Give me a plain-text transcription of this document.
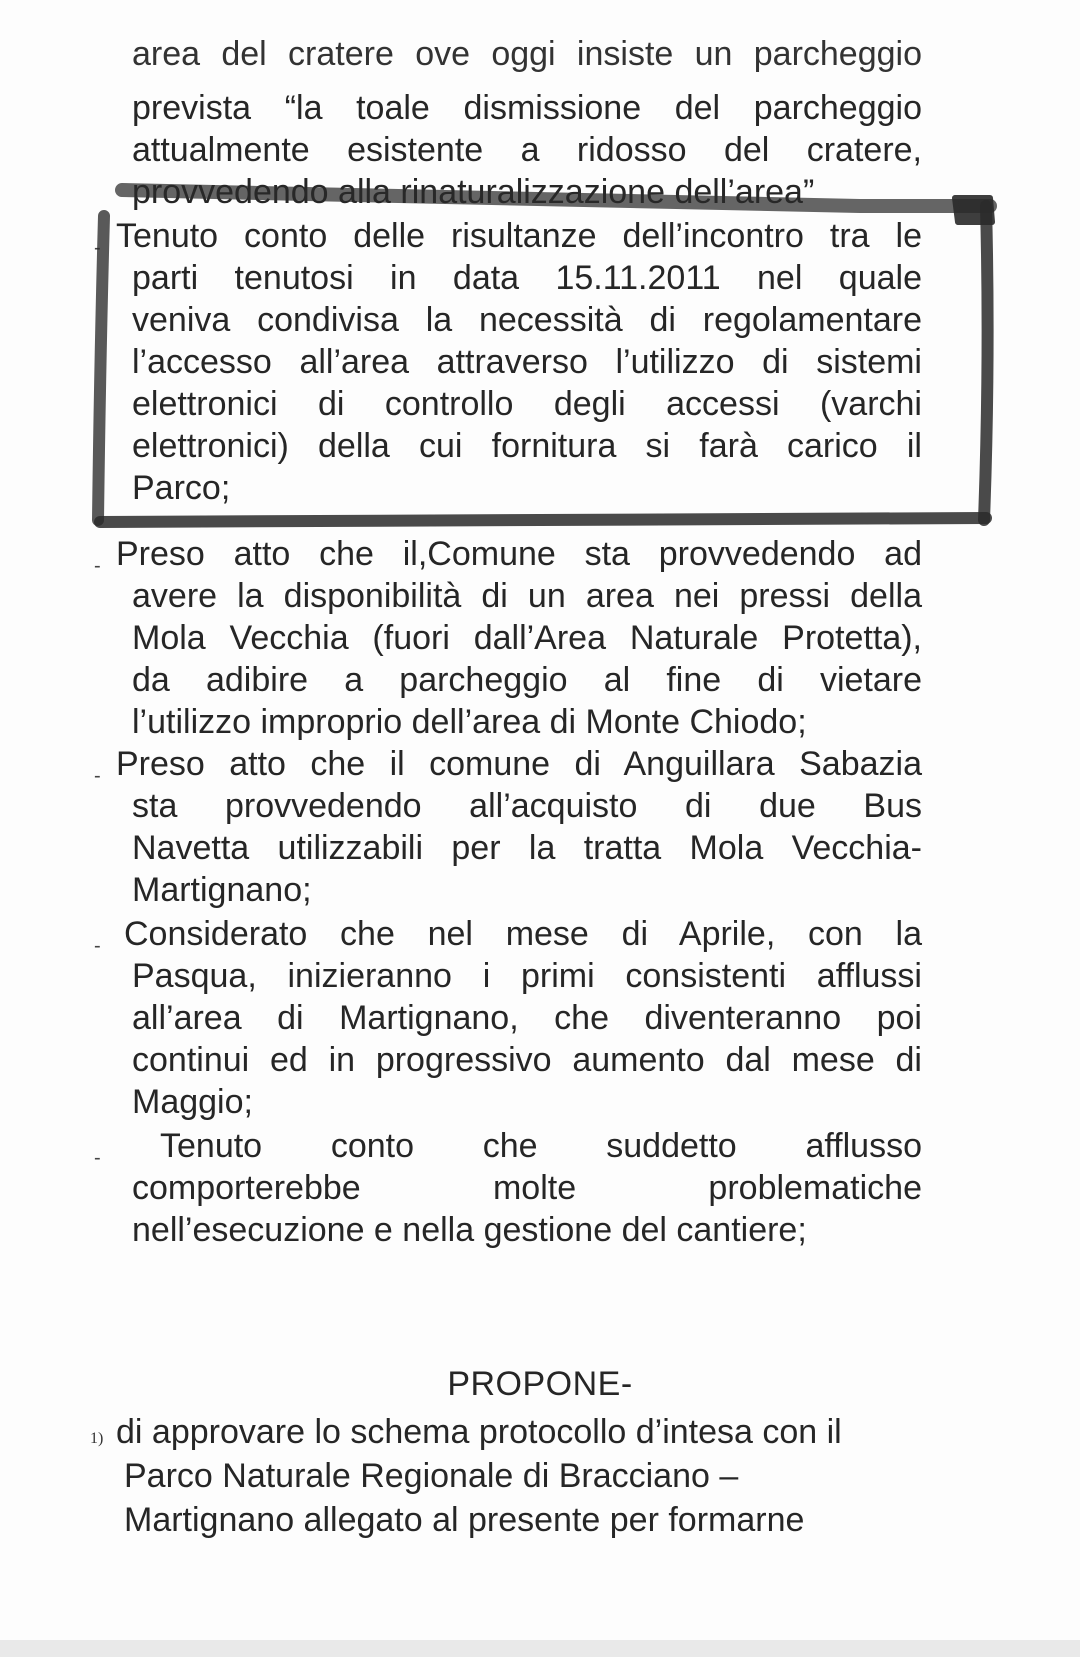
area del cratere ove oggi insiste un parcheggio
prevista “la toale dismissione del parcheggio
attualmente esistente a ridosso del cratere,
provvedendo alla rinaturalizzazione dell’area”
- Tenuto conto delle risultanze dell’incontro tra le
parti tenutosi in data 15.11.2011 nel quale
veniva condivisa la necessità di regolamentare
l’accesso all’area attraverso l’utilizzo di sistemi
elettronici di controllo degli accessi (varchi
elettronici) della cui fornitura si farà carico il
Parco;
- Preso atto che il,Comune sta provvedendo ad
avere la disponibilità di un area nei pressi della
Mola Vecchia (fuori dall’Area Naturale Protetta),
da adibire a parcheggio al fine di vietare
l’utilizzo improprio dell’area di Monte Chiodo;
- Preso atto che il comune di Anguillara Sabazia
sta provvedendo all’acquisto di due Bus
Navetta utilizzabili per la tratta Mola Vecchia-
Martignano;
- Considerato che nel mese di Aprile, con la
Pasqua, inizieranno i primi consistenti afflussi
all’area di Martignano, che diventeranno poi
continui ed in progressivo aumento dal mese di
Maggio;
- Tenuto conto che suddetto afflusso
comporterebbe molte problematiche
nell’esecuzione e nella gestione del cantiere;
PROPONE-
1) di approvare lo schema protocollo d’intesa con il
Parco Naturale Regionale di Bracciano –
Martignano allegato al presente per formarne
